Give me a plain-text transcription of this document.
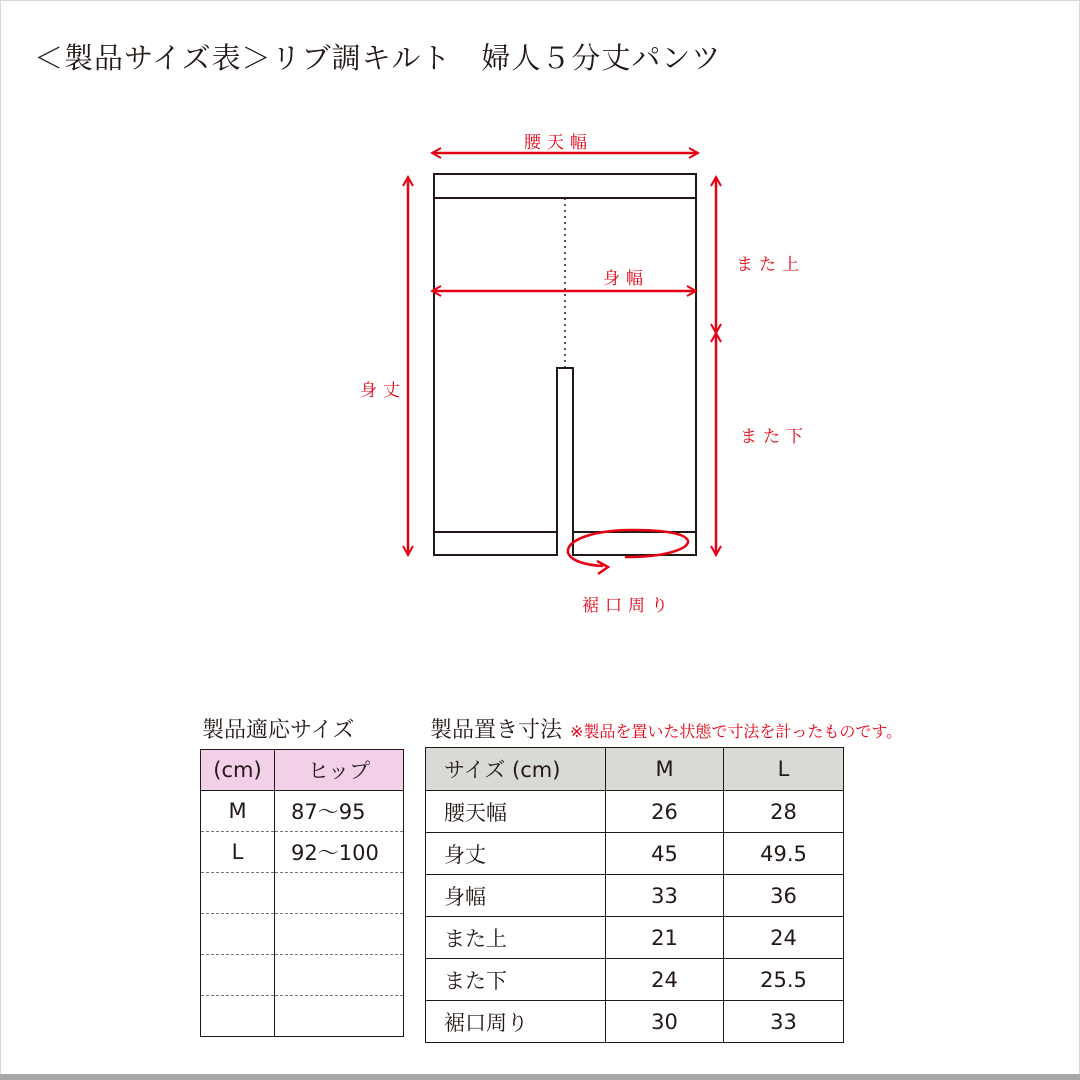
＜製品サイズ表＞リブ調キルト　婦人５分丈パンツ
腰天幅
身幅
身丈
また上
また下
裾口周り
製品適応サイズ
(cm)	ヒップ
M	87〜95
L	92〜100

製品置き寸法 ※製品を置いた状態で寸法を計ったものです。
サイズ (cm)	M	L
腰天幅	26	28
身丈	45	49.5
身幅	33	36
また上	21	24
また下	24	25.5
裾口周り	30	33
